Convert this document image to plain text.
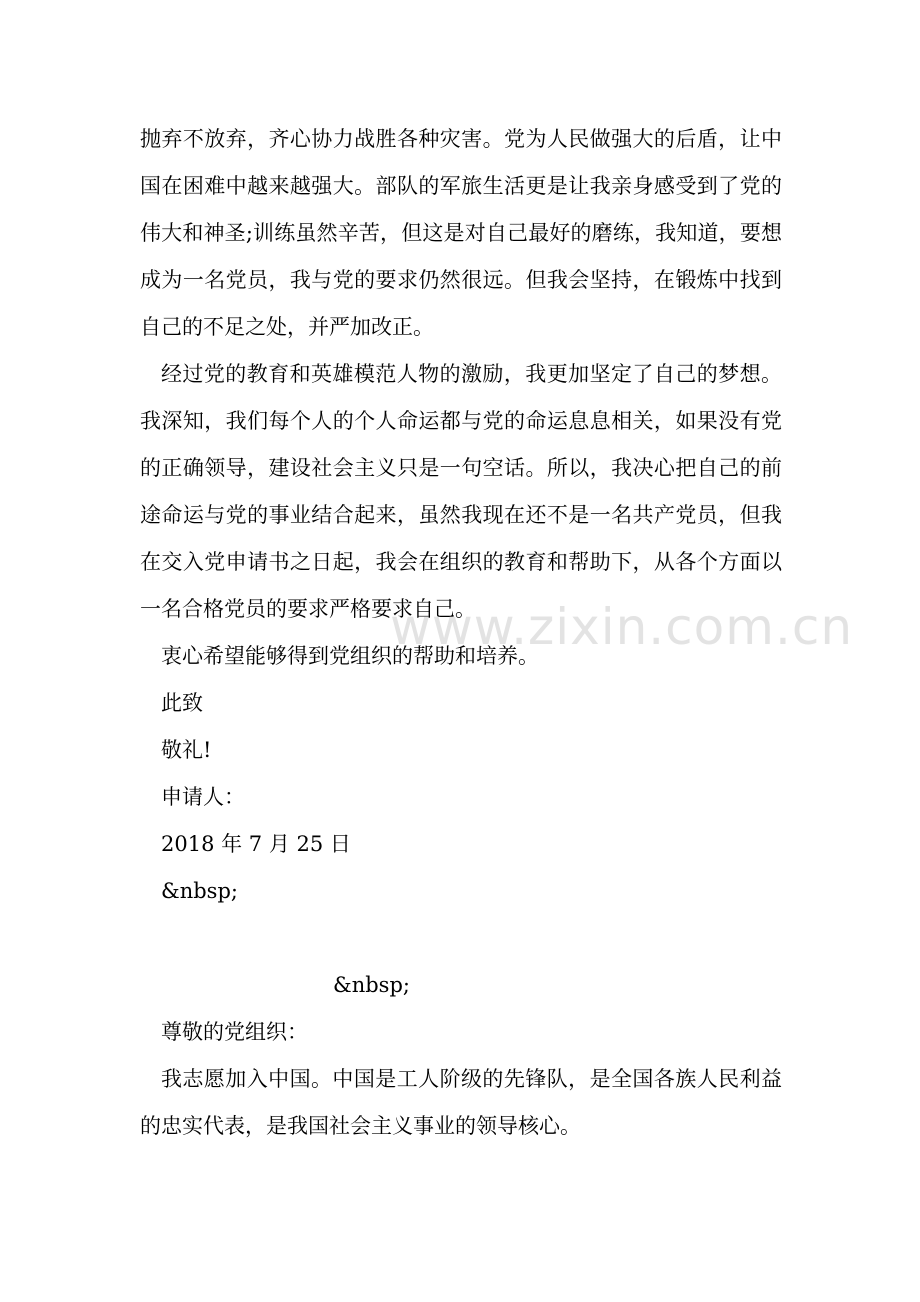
抛弃不放弃，齐心协力战胜各种灾害。党为人民做强大的后盾，让中国在困难中越来越强大。部队的军旅生活更是让我亲身感受到了党的伟大和神圣;训练虽然辛苦，但这是对自己最好的磨练，我知道，要想成为一名党员，我与党的要求仍然很远。但我会坚持，在锻炼中找到自己的不足之处，并严加改正。

经过党的教育和英雄模范人物的激励，我更加坚定了自己的梦想。我深知，我们每个人的个人命运都与党的命运息息相关，如果没有党的正确领导，建设社会主义只是一句空话。所以，我决心把自己的前途命运与党的事业结合起来，虽然我现在还不是一名共产党员，但我在交入党申请书之日起，我会在组织的教育和帮助下，从各个方面以一名合格党员的要求严格要求自己。

衷心希望能够得到党组织的帮助和培养。

此致

敬礼!

申请人：

2018 年 7 月 25 日

&nbsp;

&nbsp;

尊敬的党组织：

我志愿加入中国。中国是工人阶级的先锋队，是全国各族人民利益的忠实代表，是我国社会主义事业的领导核心。

www.zixin.com.cn
